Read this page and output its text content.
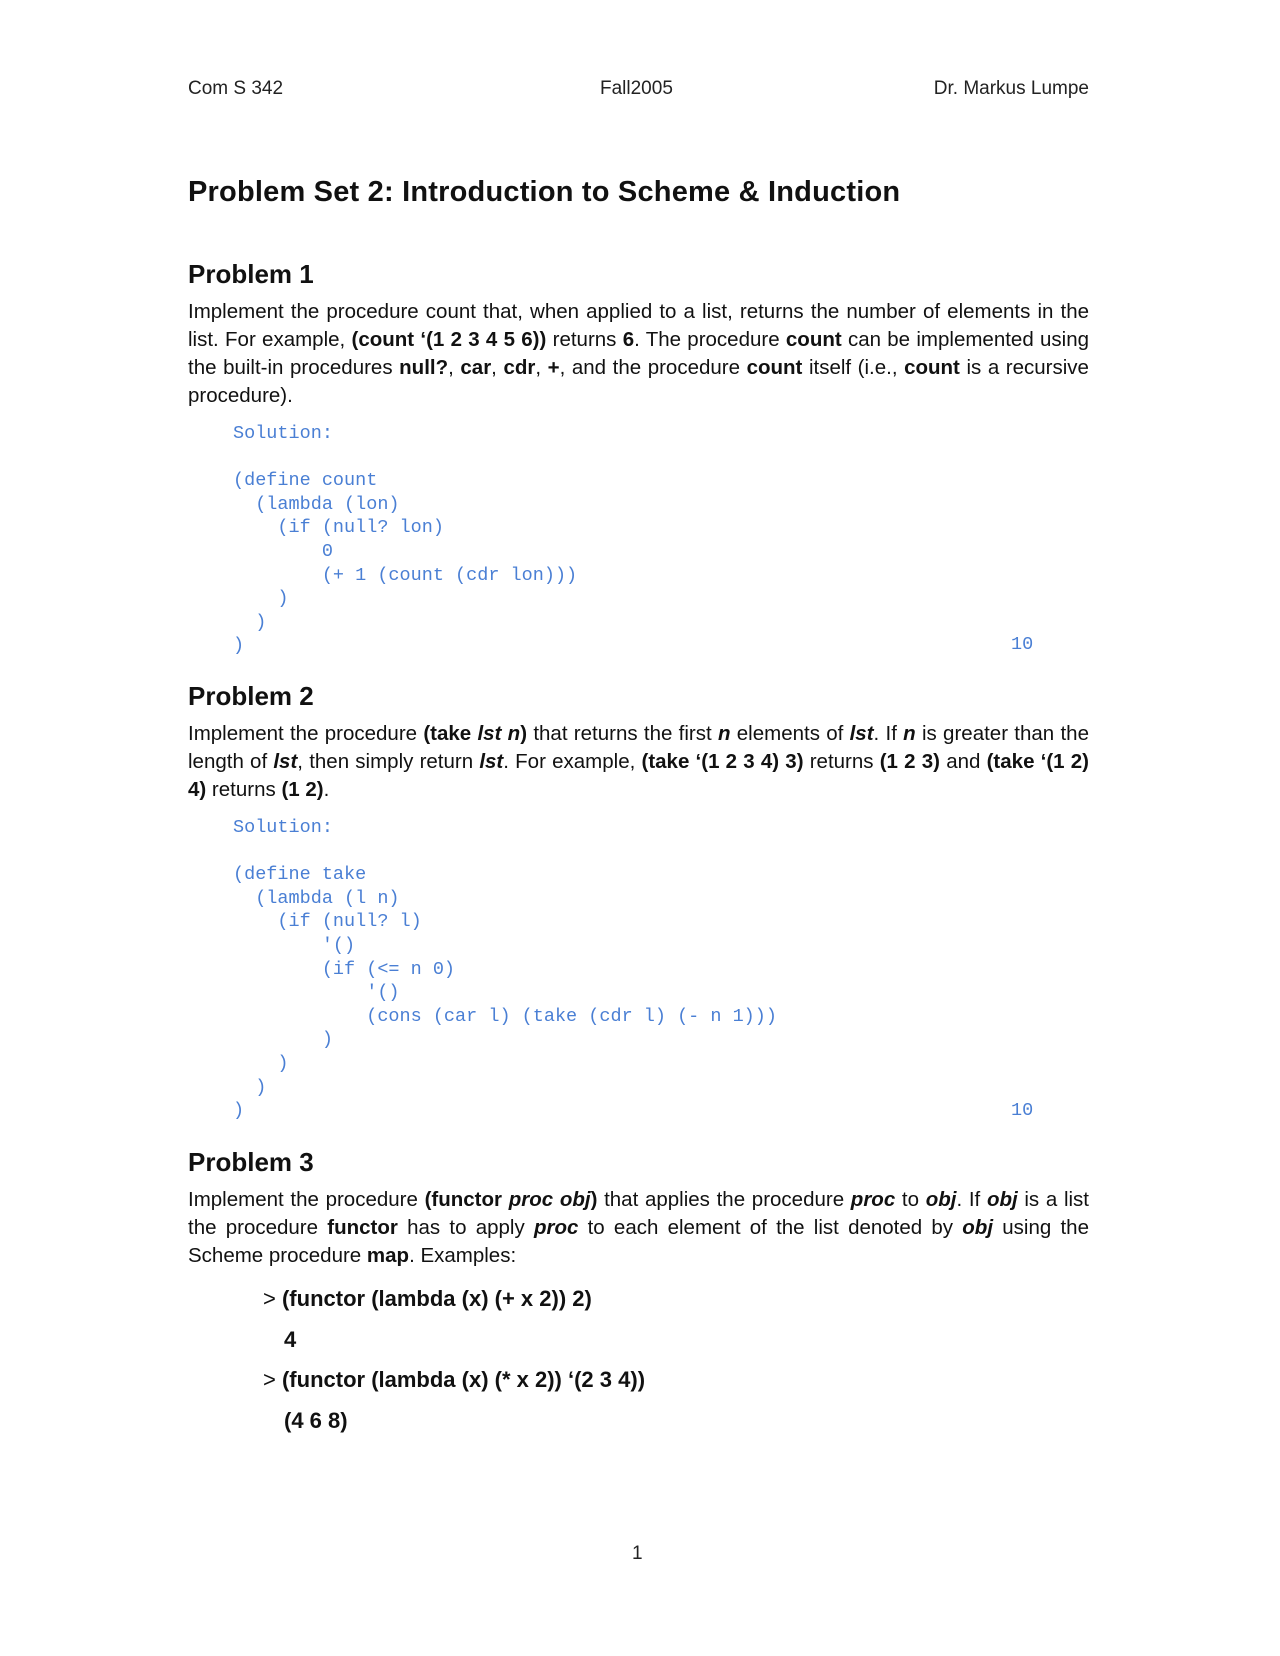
Com S 342	Fall2005	Dr. Markus Lumpe
Problem Set 2: Introduction to Scheme & Induction
Problem 1
Implement the procedure count that, when applied to a list, returns the number of elements in the list. For example, (count ‘(1 2 3 4 5 6)) returns 6. The procedure count can be implemented using the built-in procedures null?, car, cdr, +, and the procedure count itself (i.e., count is a recursive procedure).
Solution:

(define count
(lambda (lon)
(if (null? lon)
0
(+ 1 (count (cdr lon)))
)
)
)	10
Problem 2
Implement the procedure (take lst n) that returns the first n elements of lst. If n is greater than the length of lst, then simply return lst. For example, (take ‘(1 2 3 4) 3) returns (1 2 3) and (take ‘(1 2) 4) returns (1 2).
Solution:

(define take
(lambda (l n)
(if (null? l)
'()
(if (<= n 0)
'()
(cons (car l) (take (cdr l) (- n 1)))
)
)
)
)	10
Problem 3
Implement the procedure (functor proc obj) that applies the procedure proc to obj. If obj is a list the procedure functor has to apply proc to each element of the list denoted by obj using the Scheme procedure map. Examples:
> (functor (lambda (x) (+ x 2)) 2)
4
> (functor (lambda (x) (* x 2)) ‘(2 3 4))
(4 6 8)
1
